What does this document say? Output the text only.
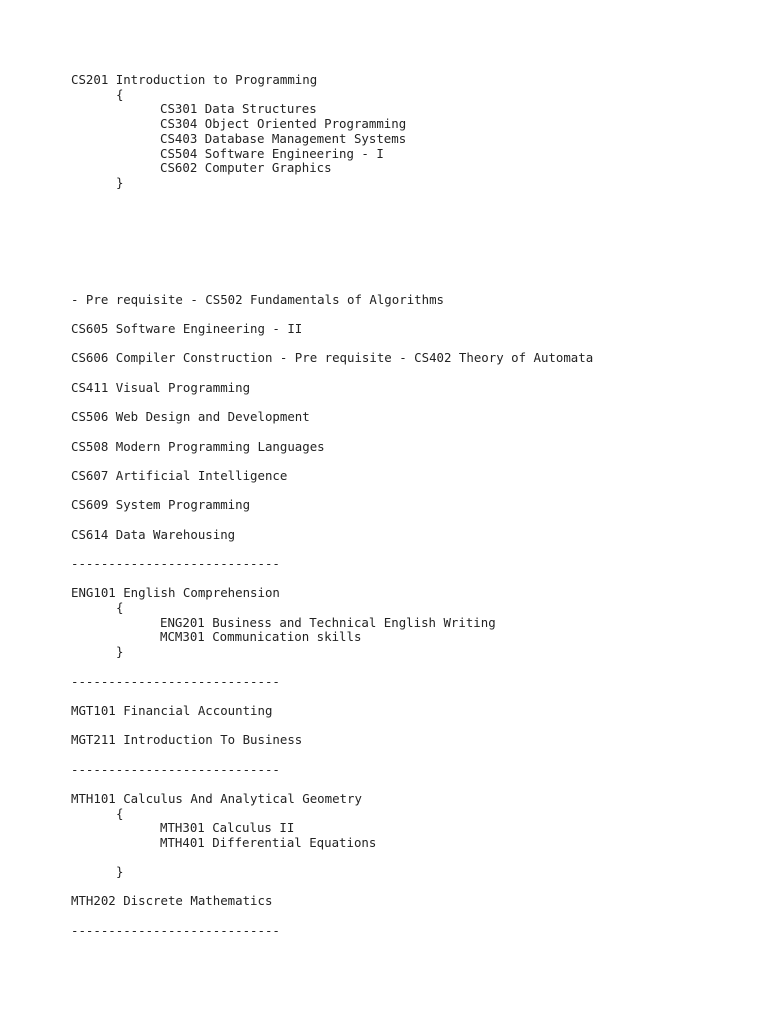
CS201 Introduction to Programming
{
CS301 Data Structures
CS304 Object Oriented Programming
CS403 Database Management Systems
CS504 Software Engineering - I
CS602 Computer Graphics
}
- Pre requisite - CS502 Fundamentals of Algorithms
CS605 Software Engineering - II
CS606 Compiler Construction - Pre requisite - CS402 Theory of Automata
CS411 Visual Programming
CS506 Web Design and Development
CS508 Modern Programming Languages
CS607 Artificial Intelligence
CS609 System Programming
CS614 Data Warehousing
----------------------------
ENG101 English Comprehension
{
ENG201 Business and Technical English Writing
MCM301 Communication skills
}
----------------------------
MGT101 Financial Accounting
MGT211 Introduction To Business
----------------------------
MTH101 Calculus And Analytical Geometry
{
MTH301 Calculus II
MTH401 Differential Equations
}
MTH202 Discrete Mathematics
----------------------------
